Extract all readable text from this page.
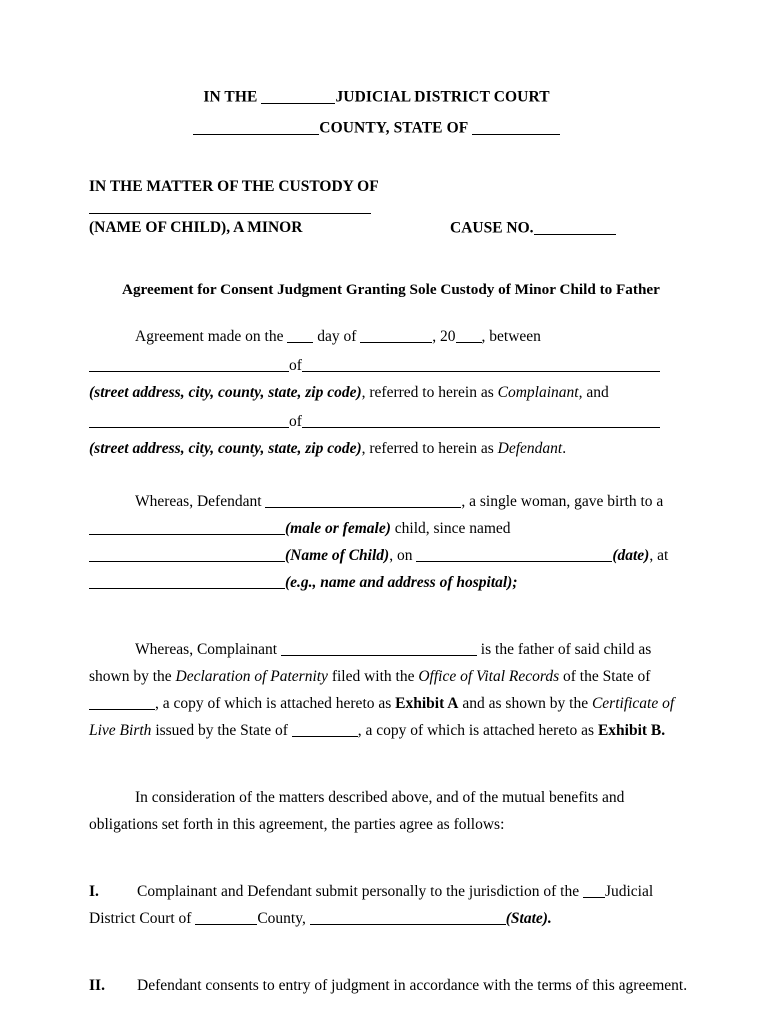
IN THE	JUDICIAL DISTRICT COURT
COUNTY, STATE OF
IN THE MATTER OF THE CUSTODY OF
(NAME OF CHILD), A MINOR	CAUSE NO.
Agreement for Consent Judgment Granting Sole Custody of Minor Child to Father
Agreement made on the  day of	, 20 , between
of
(street address, city, county, state, zip code), referred to herein as Complainant, and
of
(street address, city, county, state, zip code), referred to herein as Defendant.
Whereas, Defendant	, a single woman, gave birth to a
(male or female) child, since named
(Name of Child), on	(date), at
(e.g., name and address of hospital);
Whereas, Complainant	is the father of said child as
shown by the Declaration of Paternity filed with the Office of Vital Records of the State of
, a copy of which is attached hereto as Exhibit A and as shown by the Certificate of
Live Birth issued by the State of	, a copy of which is attached hereto as Exhibit B.
In consideration of the matters described above, and of the mutual benefits and
obligations set forth in this agreement, the parties agree as follows:
I. Complainant and Defendant submit personally to the jurisdiction of the Judicial
District Court of	County,	(State).
II. Defendant consents to entry of judgment in accordance with the terms of this agreement.
